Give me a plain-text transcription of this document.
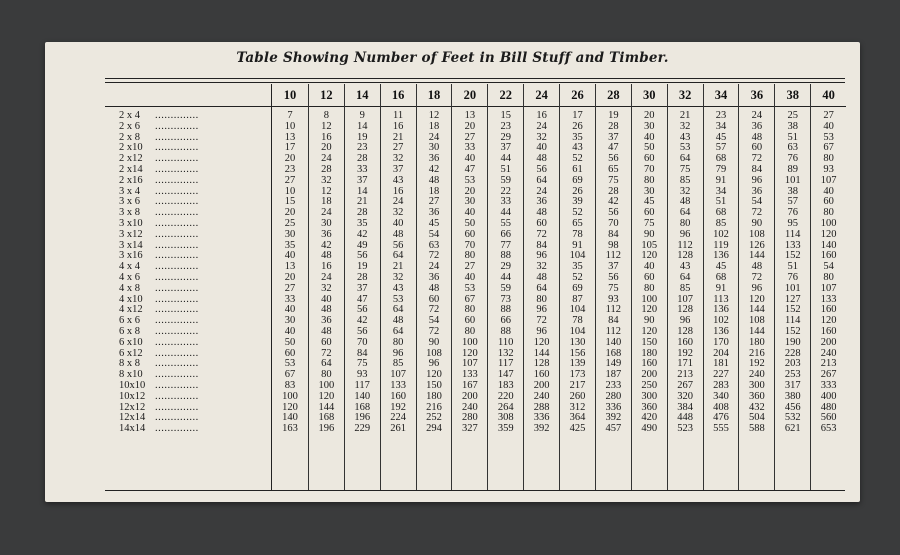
Table Showing Number of Feet in Bill Stuff and Timber.
2 x 4 ..............
2 x 6 ..............
2 x 8 ..............
2 x10 ..............
2 x12 ..............
2 x14 ..............
2 x16 ..............
3 x 4 ..............
3 x 6 ..............
3 x 8 ..............
3 x10 ..............
3 x12 ..............
3 x14 ..............
3 x16 ..............
4 x 4 ..............
4 x 6 ..............
4 x 8 ..............
4 x10 ..............
4 x12 ..............
6 x 6 ..............
6 x 8 ..............
6 x10 ..............
6 x12 ..............
8 x 8 ..............
8 x10 ..............
10x10 ..............
10x12 ..............
12x12 ..............
12x14 ..............
14x14 ..............
10
7
10
13
17
20
23
27
10
15
20
25
30
35
40
13
20
27
33
40
30
40
50
60
53
67
83
100
120
140
163
12
8
12
16
20
24
28
32
12
18
24
30
36
42
48
16
24
32
40
48
36
48
60
72
64
80
100
120
144
168
196
14
9
14
19
23
28
33
37
14
21
28
35
42
49
56
19
28
37
47
56
42
56
70
84
75
93
117
140
168
196
229
16
11
16
21
27
32
37
43
16
24
32
40
48
56
64
21
32
43
53
64
48
64
80
96
85
107
133
160
192
224
261
18
12
18
24
30
36
42
48
18
27
36
45
54
63
72
24
36
48
60
72
54
72
90
108
96
120
150
180
216
252
294
20
13
20
27
33
40
47
53
20
30
40
50
60
70
80
27
40
53
67
80
60
80
100
120
107
133
167
200
240
280
327
22
15
23
29
37
44
51
59
22
33
44
55
66
77
88
29
44
59
73
88
66
88
110
132
117
147
183
220
264
308
359
24
16
24
32
40
48
56
64
24
36
48
60
72
84
96
32
48
64
80
96
72
96
120
144
128
160
200
240
288
336
392
26
17
26
35
43
52
61
69
26
39
52
65
78
91
104
35
52
69
87
104
78
104
130
156
139
173
217
260
312
364
425
28
19
28
37
47
56
65
75
28
42
56
70
84
98
112
37
56
75
93
112
84
112
140
168
149
187
233
280
336
392
457
30
20
30
40
50
60
70
80
30
45
60
75
90
105
120
40
60
80
100
120
90
120
150
180
160
200
250
300
360
420
490
32
21
32
43
53
64
75
85
32
48
64
80
96
112
128
43
64
85
107
128
96
128
160
192
171
213
267
320
384
448
523
34
23
34
45
57
68
79
91
34
51
68
85
102
119
136
45
68
91
113
136
102
136
170
204
181
227
283
340
408
476
555
36
24
36
48
60
72
84
96
36
54
72
90
108
126
144
48
72
96
120
144
108
144
180
216
192
240
300
360
432
504
588
38
25
38
51
63
76
89
101
38
57
76
95
114
133
152
51
76
101
127
152
114
152
190
228
203
253
317
380
456
532
621
40
27
40
53
67
80
93
107
40
60
80
100
120
140
160
54
80
107
133
160
120
160
200
240
213
267
333
400
480
560
653
